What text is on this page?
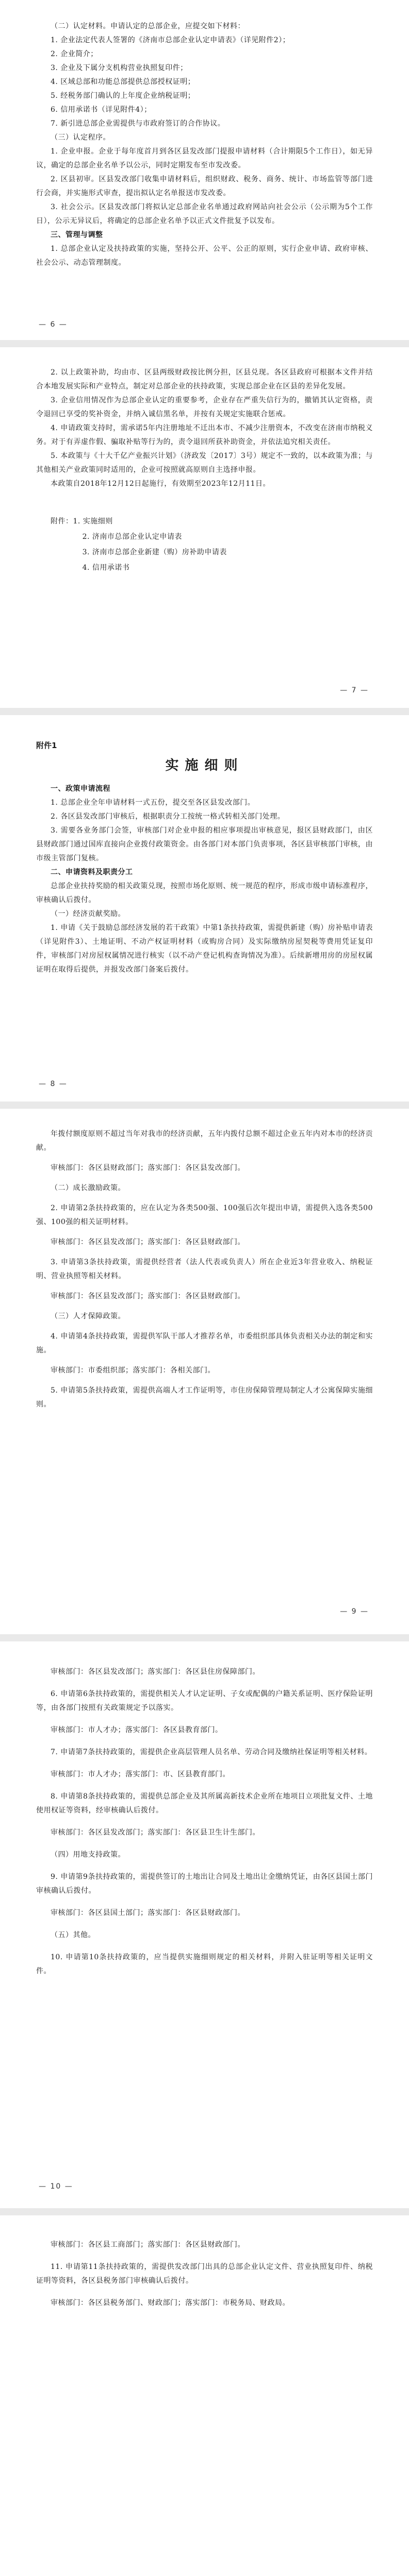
（二）认定材料。申请认定的总部企业，应提交如下材料：

1. 企业法定代表人签署的《济南市总部企业认定申请表》（详见附件2）；

2. 企业简介；

3. 企业及下属分支机构营业执照复印件；

4. 区域总部和功能总部提供总部授权证明；

5. 经税务部门确认的上年度企业纳税证明；

6. 信用承诺书（详见附件4）；

7. 新引进总部企业需提供与市政府签订的合作协议。

（三）认定程序。

1. 企业申报。企业于每年度首月到各区县发改部门提报申请材料（合计期限5个工作日），如无异议，确定的总部企业名单予以公示，同时定期发布至市发改委。

2. 区县初审。区县发改部门收集申请材料后，组织财政、税务、商务、统计、市场监管等部门进行会商，并实施形式审查，提出拟认定名单报送市发改委。

3. 社会公示。区县发改部门将拟认定总部企业名单通过政府网站向社会公示（公示期为5个工作日），公示无异议后，将确定的总部企业名单予以正式文件批复予以发布。

三、管理与调整

1. 总部企业认定及扶持政策的实施，坚持公开、公平、公正的原则，实行企业申请、政府审核、社会公示、动态管理制度。

— 6 —

2. 以上政策补助，均由市、区县两级财政按比例分担，区县兑现。各区县政府可根据本文件并结合本地发展实际和产业特点，制定对总部企业的扶持政策，实现总部企业在区县的差异化发展。

3. 企业信用情况作为总部企业认定的重要参考，企业存在严重失信行为的，撤销其认定资格，责令退回已享受的奖补资金，并纳入诚信黑名单，并按有关规定实施联合惩戒。

4. 申请政策支持时，需承诺5年内注册地址不迁出本市、不减少注册资本，不改变在济南市纳税义务。对于有弄虚作假、骗取补贴等行为的，责令退回所获补助资金，并依法追究相关责任。

5. 本政策与《十大千亿产业振兴计划》（济政发〔2017〕3号）规定不一致的，以本政策为准；与其他相关产业政策同时适用的，企业可按照就高原则自主选择申报。

本政策自2018年12月12日起施行，有效期至2023年12月11日。

附件：1. 实施细则

2. 济南市总部企业认定申请表

3. 济南市总部企业新建（购）房补助申请表

4. 信用承诺书

— 7 —

附件1

实施细则

一、政策申请流程

1. 总部企业全年申请材料一式五份，提交至各区县发改部门。

2. 各区县发改部门审核后，根据职责分工按统一格式转相关部门处理。

3. 需要各业务部门会签，审核部门对企业申报的相应事项提出审核意见，报区县财政部门，由区县财政部门通过国库直接向企业拨付政策资金。由各部门对本部门负责事项，各区县审核部门审核，由市级主管部门复核。

二、申请资料及职责分工

总部企业扶持奖励的相关政策兑现，按照市场化原则、统一规范的程序，形成市级申请标准程序，审核确认后拨付。

（一）经济贡献奖励。

1. 申请《关于鼓励总部经济发展的若干政策》中第1条扶持政策，需提供新建（购）房补贴申请表（详见附件3）、土地证明、不动产权证明材料（或购房合同）及实际缴纳房屋契税等费用凭证复印件，审核部门对房屋权属情况进行核实（以不动产登记机构查询情况为准）。后续新增用房的房屋权属证明在取得后提供，并报发改部门备案后拨付。

— 8 —

年拨付额度原则不超过当年对我市的经济贡献，五年内拨付总额不超过企业五年内对本市的经济贡献。

审核部门：各区县财政部门；落实部门：各区县发改部门。

（二）成长激励政策。

2. 申请第2条扶持政策的，应在认定为各类500强、100强后次年提出申请，需提供入选各类500强、100强的相关证明材料。

审核部门：各区县发改部门；落实部门：各区县财政部门。

3. 申请第3条扶持政策，需提供经营者（法人代表或负责人）所在企业近3年营业收入、纳税证明、营业执照等相关材料。

审核部门：各区县发改部门；落实部门：各区县财政部门。

（三）人才保障政策。

4. 申请第4条扶持政策，需提供军队干部人才推荐名单，市委组织部具体负责相关办法的制定和实施。

审核部门：市委组织部；落实部门：各相关部门。

5. 申请第5条扶持政策，需提供高端人才工作证明等，市住房保障管理局制定人才公寓保障实施细则。

— 9 —

审核部门：各区县发改部门；落实部门：各区县住房保障部门。

6. 申请第6条扶持政策的，需提供相关人才认定证明、子女或配偶的户籍关系证明、医疗保险证明等，由各部门按照有关政策规定予以落实。

审核部门：市人才办；落实部门：各区县教育部门。

7. 申请第7条扶持政策的，需提供企业高层管理人员名单、劳动合同及缴纳社保证明等相关材料。

审核部门：市人才办；落实部门：市、区县教育部门。

8. 申请第8条扶持政策的，需提供总部企业及其所属高新技术企业所在地项目立项批复文件、土地使用权证等资料，经审核确认后拨付。

审核部门：各区县发改部门；落实部门：各区县卫生计生部门。

（四）用地支持政策。

9. 申请第9条扶持政策的，需提供签订的土地出让合同及土地出让金缴纳凭证，由各区县国土部门审核确认后拨付。

审核部门：各区县国土部门；落实部门：各区县财政部门。

（五）其他。

10. 申请第10条扶持政策的，应当提供实施细则规定的相关材料，并附入驻证明等相关证明文件。

— 10 —

审核部门：各区县工商部门；落实部门：各区县财政部门。

11. 申请第11条扶持政策的，需提供发改部门出具的总部企业认定文件、营业执照复印件、纳税证明等资料，各区县税务部门审核确认后拨付。

审核部门：各区县税务部门、财政部门；落实部门：市税务局、财政局。
